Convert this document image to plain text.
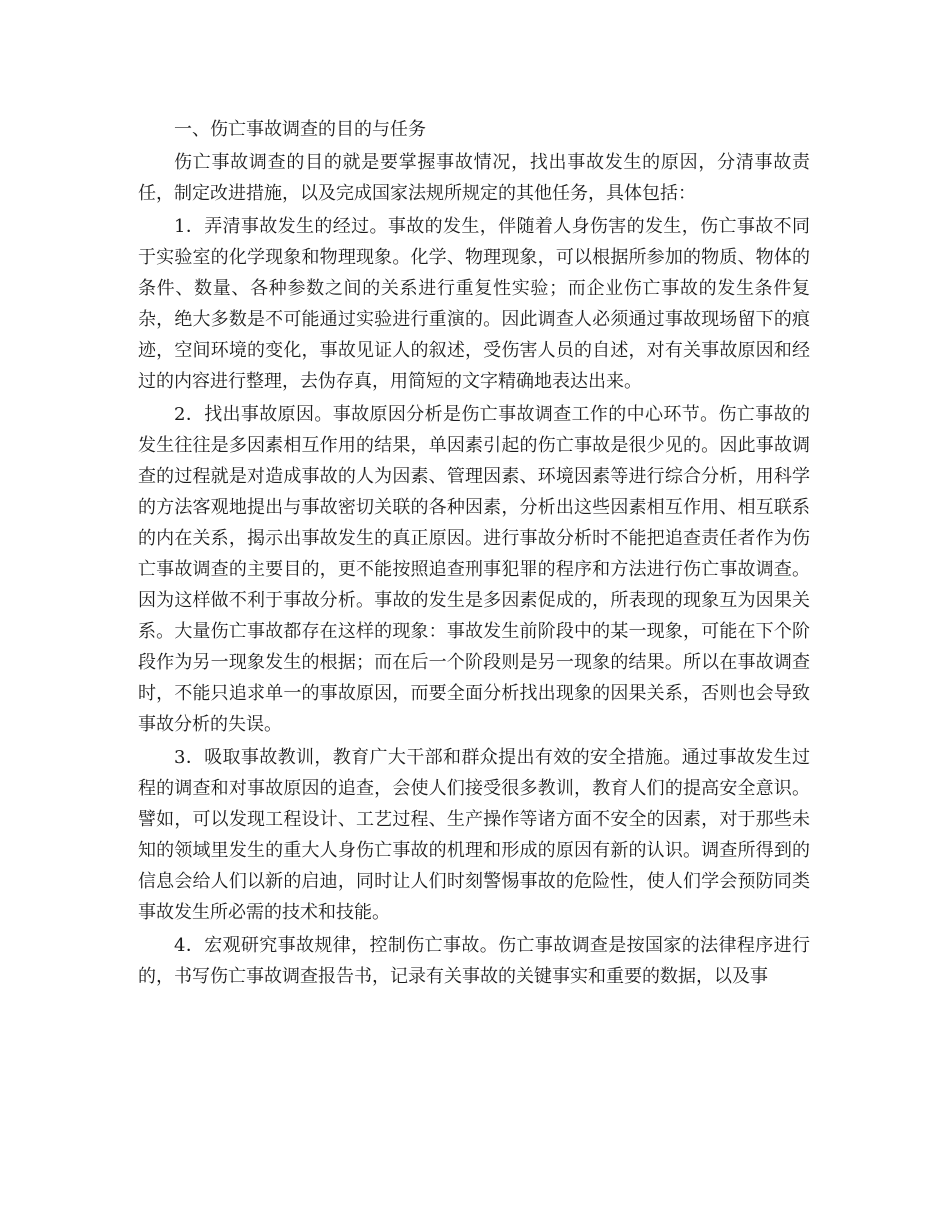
一、伤亡事故调查的目的与任务

伤亡事故调查的目的就是要掌握事故情况，找出事故发生的原因，分清事故责任，制定改进措施，以及完成国家法规所规定的其他任务，具体包括：

1．弄清事故发生的经过。事故的发生，伴随着人身伤害的发生，伤亡事故不同于实验室的化学现象和物理现象。化学、物理现象，可以根据所参加的物质、物体的条件、数量、各种参数之间的关系进行重复性实验；而企业伤亡事故的发生条件复杂，绝大多数是不可能通过实验进行重演的。因此调查人必须通过事故现场留下的痕迹，空间环境的变化，事故见证人的叙述，受伤害人员的自述，对有关事故原因和经过的内容进行整理，去伪存真，用简短的文字精确地表达出来。

2．找出事故原因。事故原因分析是伤亡事故调查工作的中心环节。伤亡事故的发生往往是多因素相互作用的结果，单因素引起的伤亡事故是很少见的。因此事故调查的过程就是对造成事故的人为因素、管理因素、环境因素等进行综合分析，用科学的方法客观地提出与事故密切关联的各种因素，分析出这些因素相互作用、相互联系的内在关系，揭示出事故发生的真正原因。进行事故分析时不能把追查责任者作为伤亡事故调查的主要目的，更不能按照追查刑事犯罪的程序和方法进行伤亡事故调查。因为这样做不利于事故分析。事故的发生是多因素促成的，所表现的现象互为因果关系。大量伤亡事故都存在这样的现象：事故发生前阶段中的某一现象，可能在下个阶段作为另一现象发生的根据；而在后一个阶段则是另一现象的结果。所以在事故调查时，不能只追求单一的事故原因，而要全面分析找出现象的因果关系，否则也会导致事故分析的失误。

3．吸取事故教训，教育广大干部和群众提出有效的安全措施。通过事故发生过程的调查和对事故原因的追查，会使人们接受很多教训，教育人们的提高安全意识。譬如，可以发现工程设计、工艺过程、生产操作等诸方面不安全的因素，对于那些未知的领域里发生的重大人身伤亡事故的机理和形成的原因有新的认识。调查所得到的信息会给人们以新的启迪，同时让人们时刻警惕事故的危险性，使人们学会预防同类事故发生所必需的技术和技能。

4．宏观研究事故规律，控制伤亡事故。伤亡事故调查是按国家的法律程序进行的，书写伤亡事故调查报告书，记录有关事故的关键事实和重要的数据，以及事
